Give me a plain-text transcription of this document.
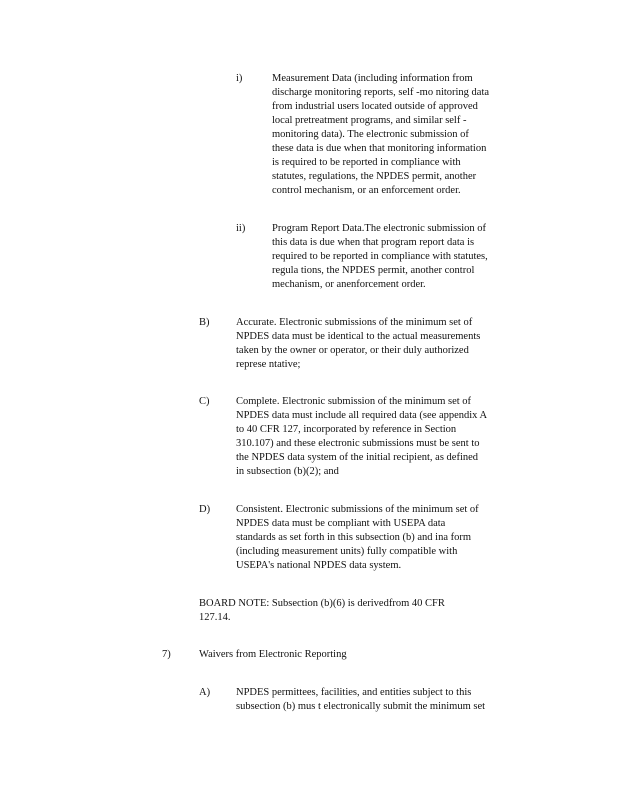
i)	Measurement Data (including information from
discharge monitoring reports, self -mo nitoring data
from industrial users located outside of approved
local pretreatment programs, and similar self -
monitoring data). The electronic submission of
these data is due when that monitoring information
is required to be reported in compliance with
statutes, regulations, the NPDES permit, another
control mechanism, or an enforcement order.
ii)	Program Report Data.The electronic submission of
this data is due when that program report data is
required to be reported in compliance with statutes,
regula tions, the NPDES permit, another control
mechanism, or anenforcement order.
B)	Accurate. Electronic submissions of the minimum set of
NPDES data must be identical to the actual measurements
taken by the owner or operator, or their duly authorized
represe ntative;
C)	Complete. Electronic submission of the minimum set of
NPDES data must include all required data (see appendix A
to 40 CFR 127, incorporated by reference in Section
310.107) and these electronic submissions must be sent to
the NPDES data system of the initial recipient, as defined
in subsection (b)(2); and
D) Consistent. Electronic submissions of the minimum set of
NPDES data must be compliant with USEPA data
standards as set forth in this subsection (b) and ina form
(including measurement units) fully compatible with
USEPA's national NPDES data system.
BOARD NOTE: Subsection (b)(6) is derivedfrom 40 CFR
127.14.
7)	Waivers from Electronic Reporting
A) NPDES permittees, facilities, and entities subject to this
subsection (b) mus t electronically submit the minimum set
